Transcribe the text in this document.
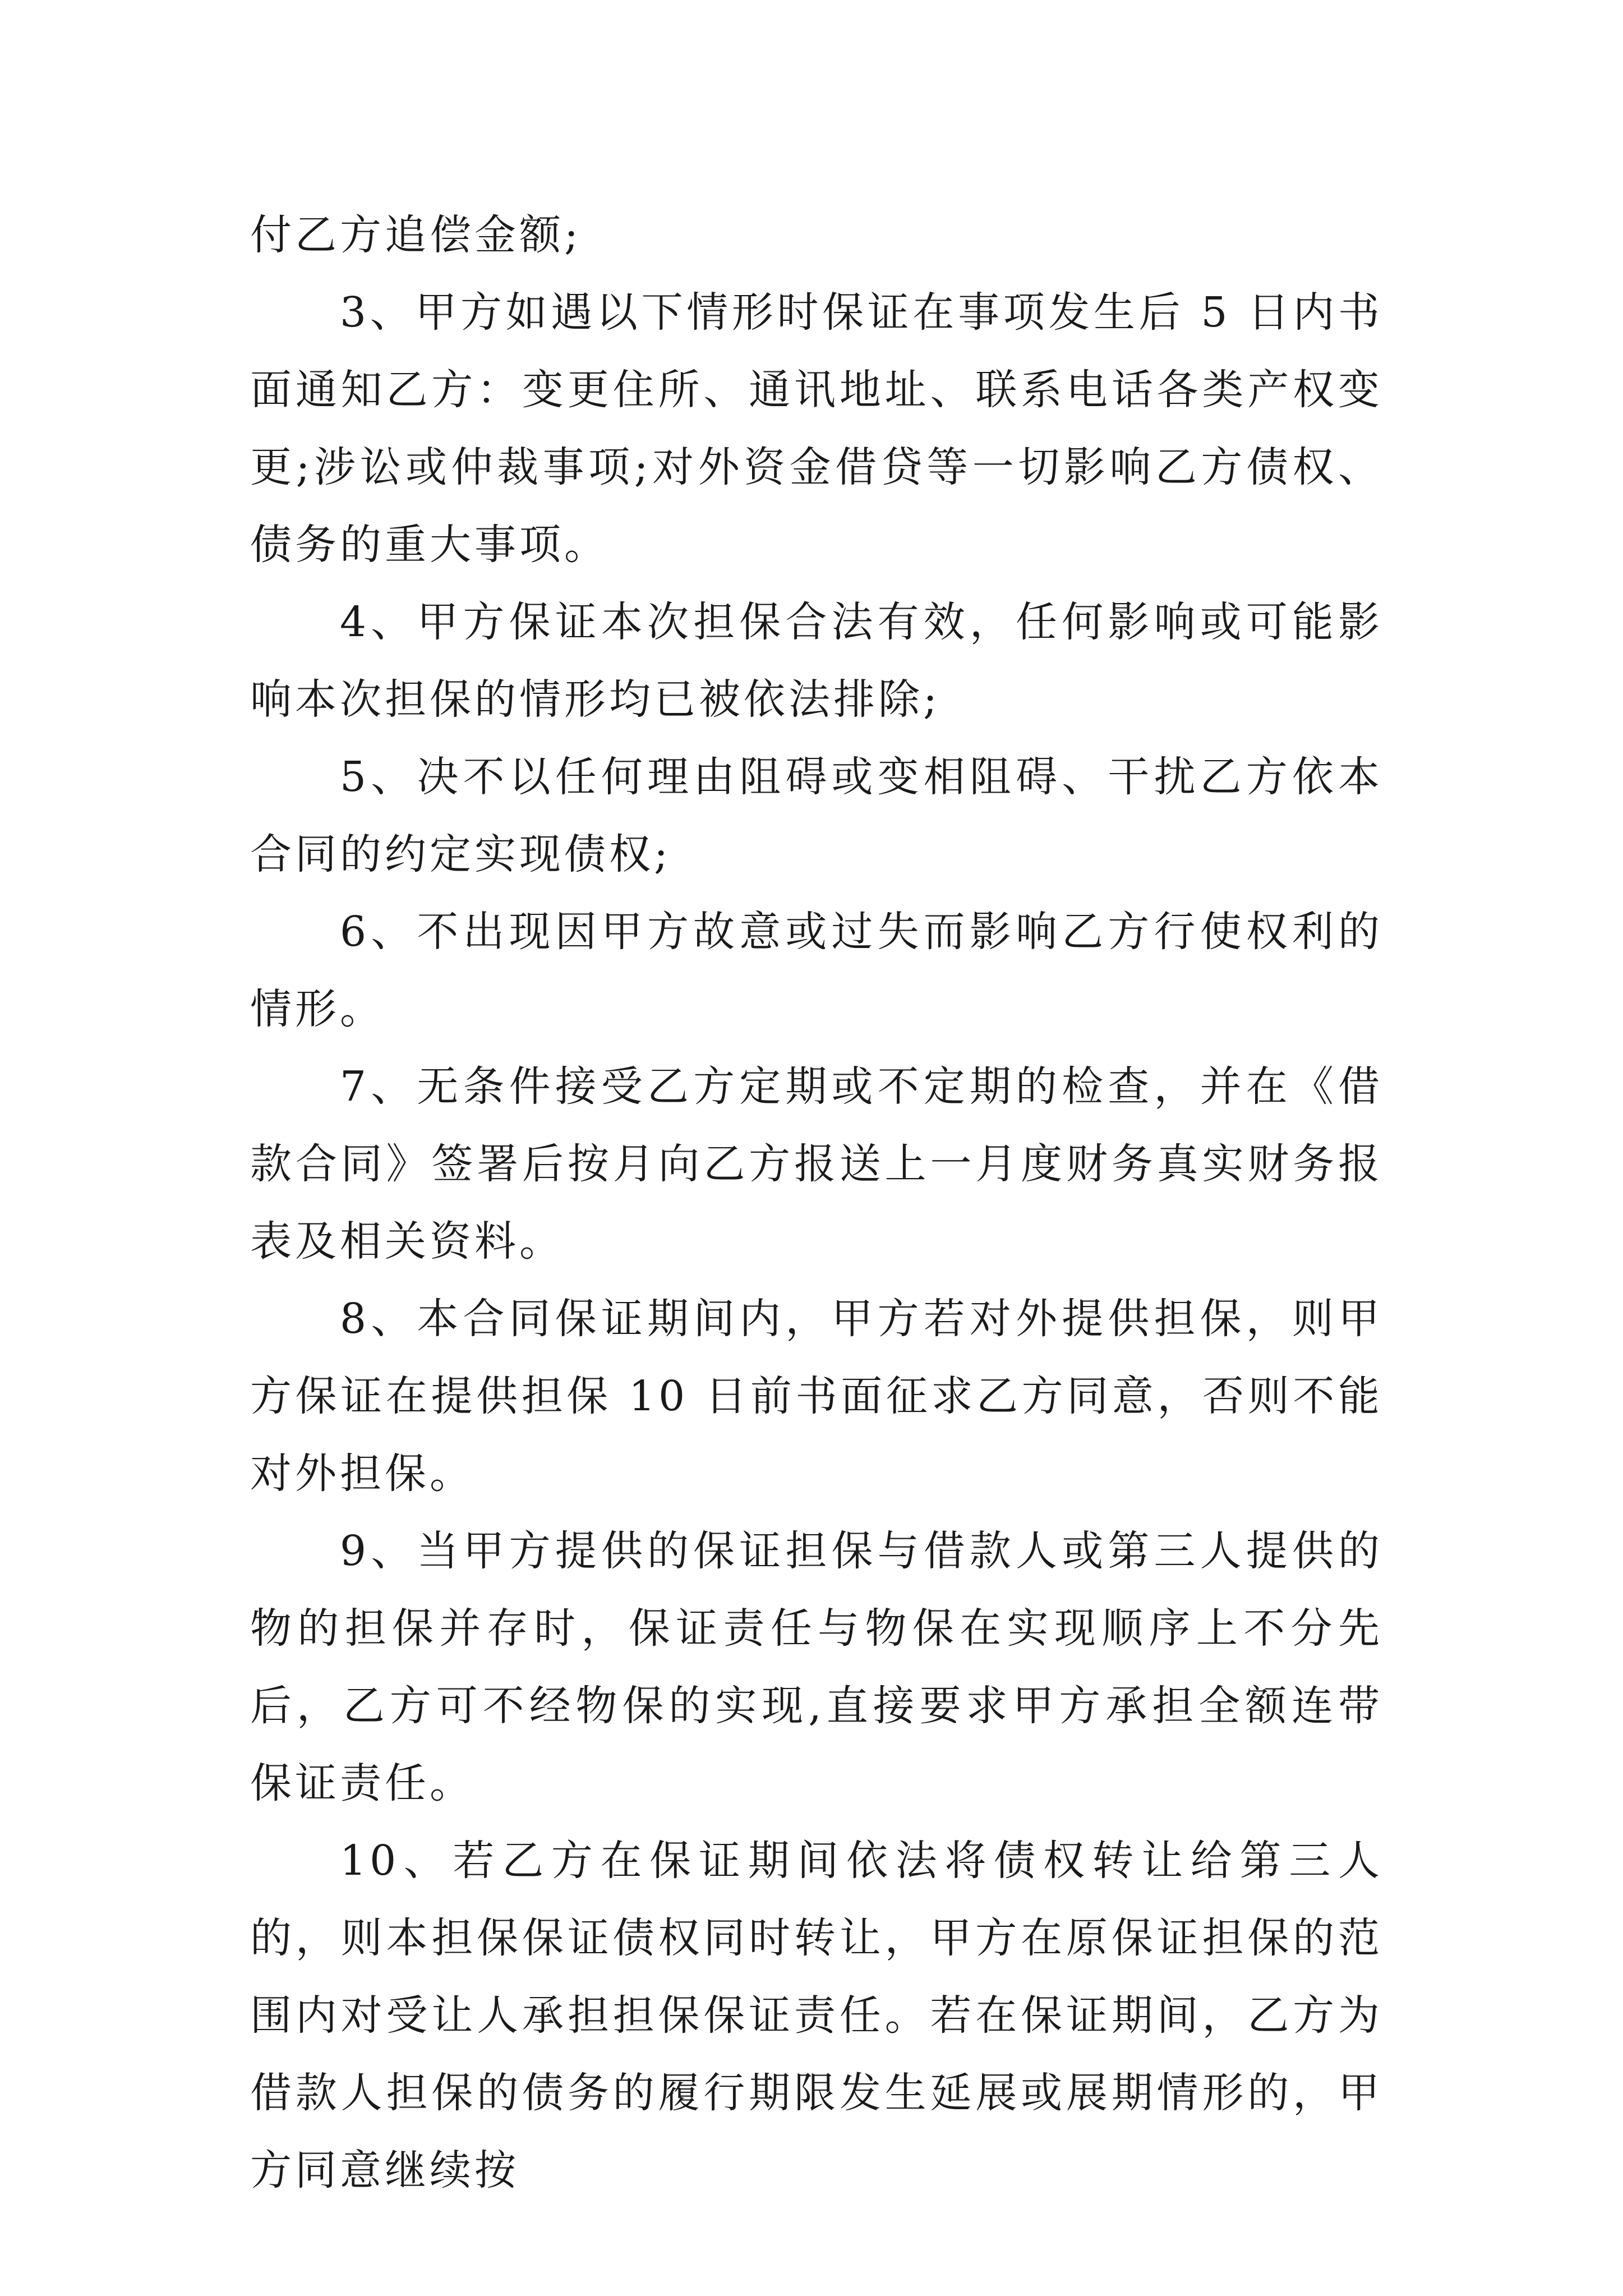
付乙方追偿金额;

3、甲方如遇以下情形时保证在事项发生后 5 日内书面通知乙方：变更住所、通讯地址、联系电话各类产权变更;涉讼或仲裁事项;对外资金借贷等一切影响乙方债权、债务的重大事项。

4、甲方保证本次担保合法有效，任何影响或可能影响本次担保的情形均已被依法排除;

5、决不以任何理由阻碍或变相阻碍、干扰乙方依本合同的约定实现债权;

6、不出现因甲方故意或过失而影响乙方行使权利的情形。

7、无条件接受乙方定期或不定期的检查，并在《借款合同》签署后按月向乙方报送上一月度财务真实财务报表及相关资料。

8、本合同保证期间内，甲方若对外提供担保，则甲方保证在提供担保 10 日前书面征求乙方同意，否则不能对外担保。

9、当甲方提供的保证担保与借款人或第三人提供的物的担保并存时，保证责任与物保在实现顺序上不分先后，乙方可不经物保的实现,直接要求甲方承担全额连带保证责任。

10、若乙方在保证期间依法将债权转让给第三人的，则本担保保证债权同时转让，甲方在原保证担保的范围内对受让人承担担保保证责任。若在保证期间，乙方为借款人担保的债务的履行期限发生延展或展期情形的，甲方同意继续按
